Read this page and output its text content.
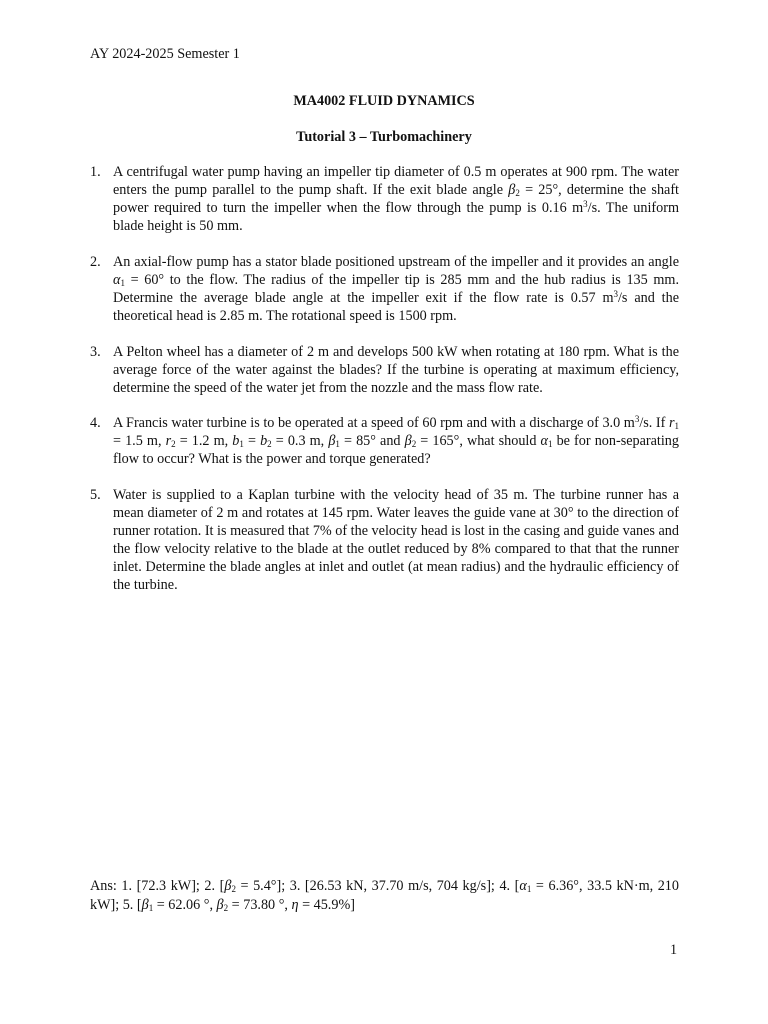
AY 2024-2025 Semester 1
MA4002 FLUID DYNAMICS
Tutorial 3 – Turbomachinery
1. A centrifugal water pump having an impeller tip diameter of 0.5 m operates at 900 rpm. The water enters the pump parallel to the pump shaft. If the exit blade angle $\beta_2 = 25^\circ$, determine the shaft power required to turn the impeller when the flow through the pump is 0.16 $m^3/s$. The uniform blade height is 50 mm.
2. An axial-flow pump has a stator blade positioned upstream of the impeller and it provides an angle $\alpha_1 = 60^\circ$ to the flow. The radius of the impeller tip is 285 mm and the hub radius is 135 mm. Determine the average blade angle at the impeller exit if the flow rate is 0.57 $m^3/s$ and the theoretical head is 2.85 m. The rotational speed is 1500 rpm.
3. A Pelton wheel has a diameter of 2 m and develops 500 kW when rotating at 180 rpm. What is the average force of the water against the blades? If the turbine is operating at maximum efficiency, determine the speed of the water jet from the nozzle and the mass flow rate.
4. A Francis water turbine is to be operated at a speed of 60 rpm and with a discharge of 3.0 $m^3/s$. If $r_1 = 1.5$ m, $r_2 = 1.2$ m, $b_1 = b_2 = 0.3$ m, $\beta_1 = 85^\circ$ and $\beta_2 = 165^\circ$, what should $\alpha_1$ be for non-separating flow to occur? What is the power and torque generated?
5. Water is supplied to a Kaplan turbine with the velocity head of 35 m. The turbine runner has a mean diameter of 2 m and rotates at 145 rpm. Water leaves the guide vane at 30° to the direction of runner rotation. It is measured that 7% of the velocity head is lost in the casing and guide vanes and the flow velocity relative to the blade at the outlet reduced by 8% compared to that that the runner inlet. Determine the blade angles at inlet and outlet (at mean radius) and the hydraulic efficiency of the turbine.
Ans: 1. [72.3 kW]; 2. $[\beta_2 = 5.4^\circ]$; 3. [26.53 kN, 37.70 m/s, 704 kg/s]; 4. [$\alpha_1 = 6.36^\circ$, 33.5 kN·m, 210 kW]; 5. [$\beta_1 = 62.06$ °, $\beta_2 = 73.80$ °, η = 45.9%]
1
